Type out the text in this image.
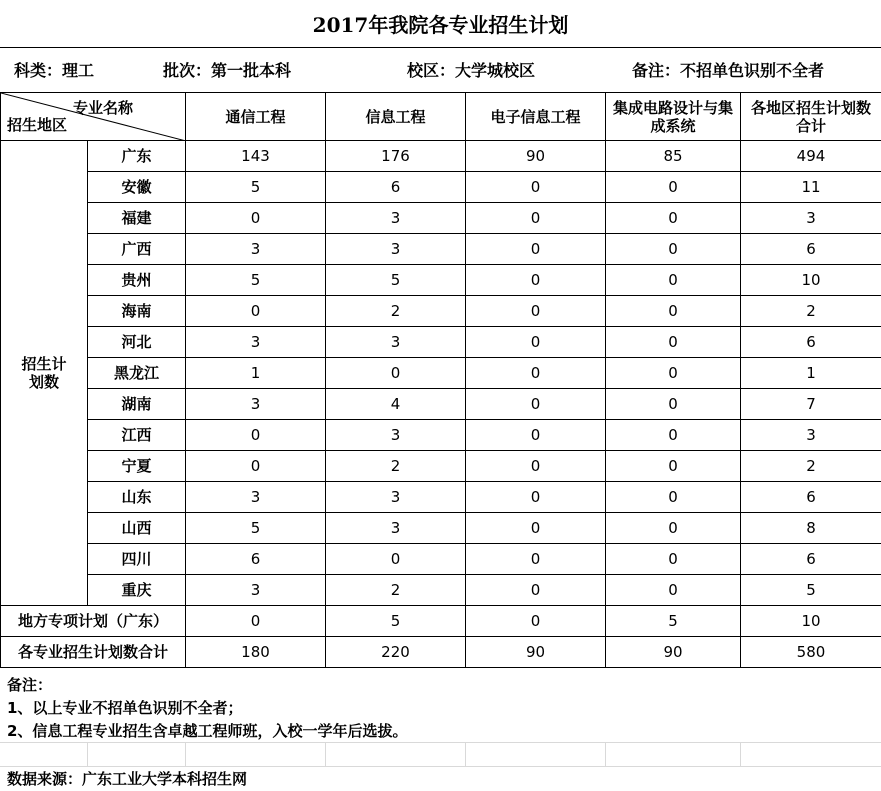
2017年我院各专业招生计划
科类：理工	批次：第一批本科	校区：大学城校区	备注：不招单色识别不全者
专业名称
招生地区		通信工程	信息工程	电子信息工程	集成电路设计与集成系统	各地区招生计划数合计
招生计划数	广东	143	176	90	85	494
	安徽	5	6	0	0	11
	福建	0	3	0	0	3
	广西	3	3	0	0	6
	贵州	5	5	0	0	10
	海南	0	2	0	0	2
	河北	3	3	0	0	6
	黑龙江	1	0	0	0	1
	湖南	3	4	0	0	7
	江西	0	3	0	0	3
	宁夏	0	2	0	0	2
	山东	3	3	0	0	6
	山西	5	3	0	0	8
	四川	6	0	0	0	6
	重庆	3	2	0	0	5
地方专项计划（广东）		0	5	0	5	10
各专业招生计划数合计		180	220	90	90	580
备注：
1、以上专业不招单色识别不全者；
2、信息工程专业招生含卓越工程师班，入校一学年后选拔。
数据来源：广东工业大学本科招生网
